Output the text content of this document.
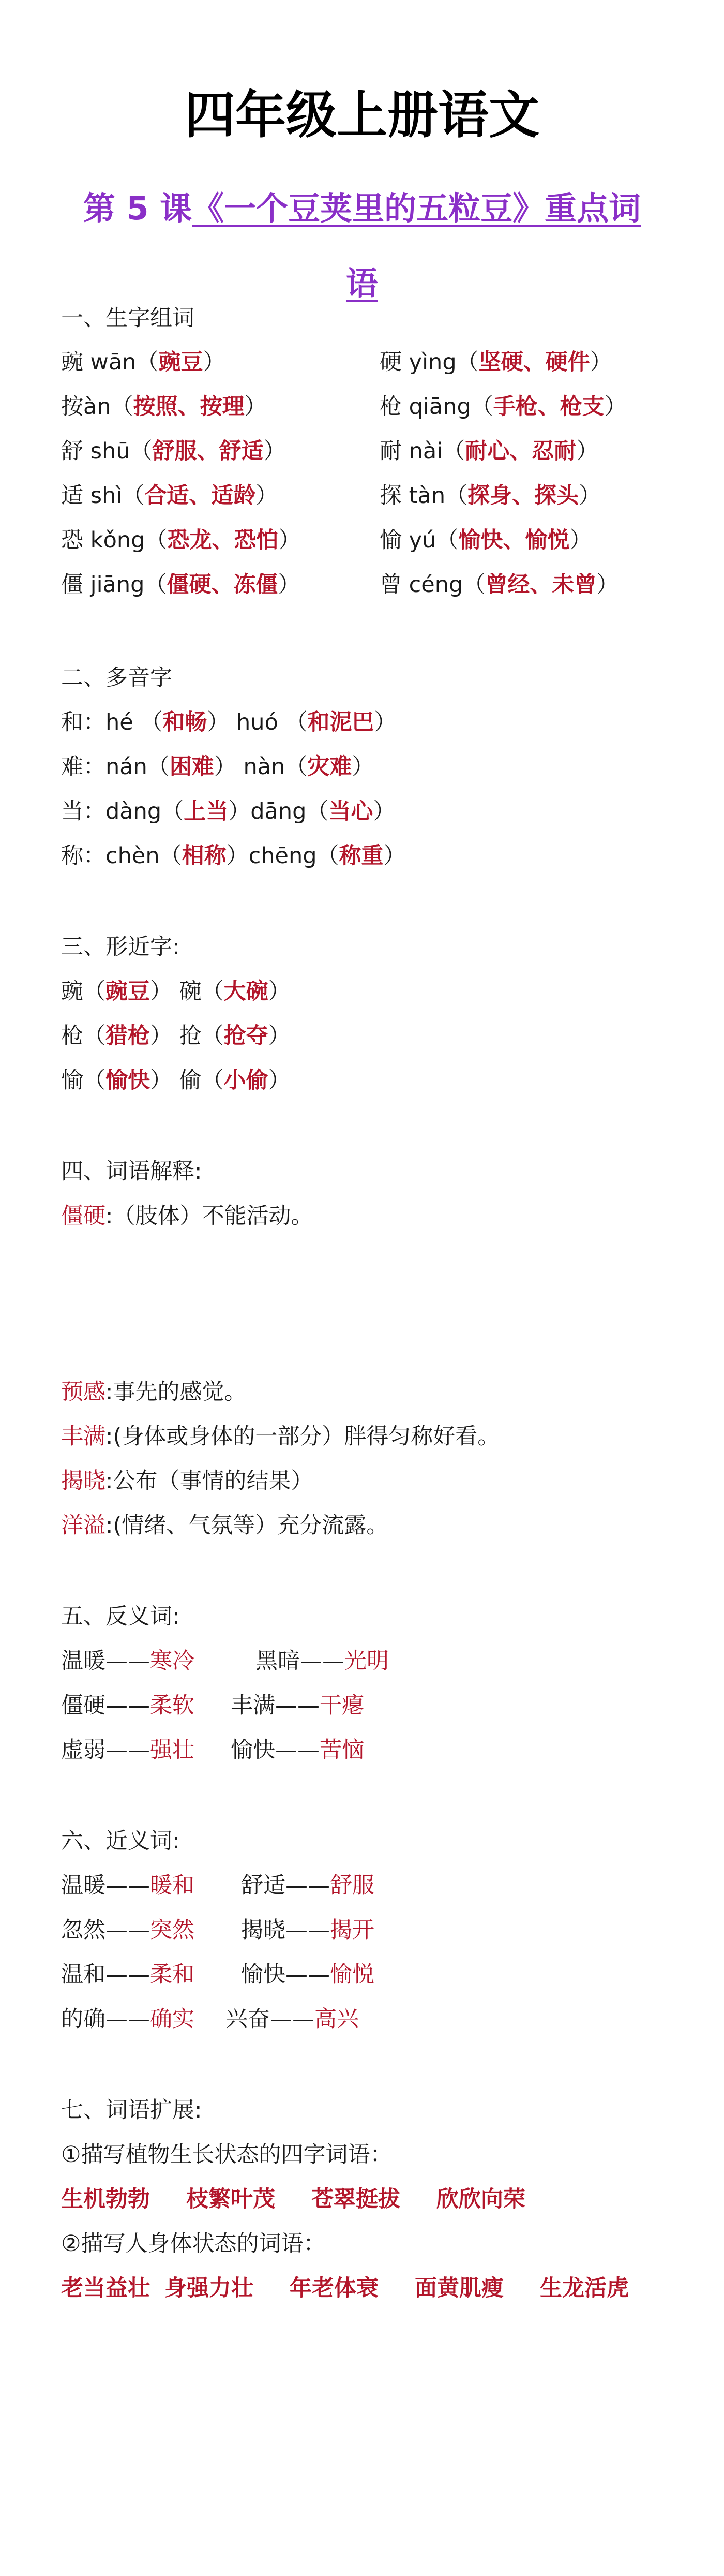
四年级上册语文
第 5 课《一个豆荚里的五粒豆》重点词
语
一、生字组词
豌 wān（豌豆）
按àn（按照、按理）
舒 shū（舒服、舒适）
适 shì（合适、适龄）
恐 kǒng（恐龙、恐怕）
僵 jiāng（僵硬、冻僵）
硬 yìng（坚硬、硬件）
枪 qiāng（手枪、枪支）
耐 nài（耐心、忍耐）
探 tàn（探身、探头）
愉 yú（愉快、愉悦）
曾 céng（曾经、未曾）
二、多音字
和：hé （和畅） huó （和泥巴）
难：nán（困难） nàn（灾难）
当：dàng（上当）dāng（当心）
称：chèn（相称）chēng（称重）
三、形近字:
豌（豌豆） 碗（大碗）
枪（猎枪） 抢（抢夺）
愉（愉快） 偷（小偷）
四、词语解释:
僵硬:（肢体）不能活动。
预感:事先的感觉。
丰满:(身体或身体的一部分）胖得匀称好看。
揭晓:公布（事情的结果）
洋溢:(情绪、气氛等）充分流露。
五、反义词:
温暖——寒冷	黑暗——光明
僵硬——柔软 丰满——干瘪
虚弱——强壮 愉快——苦恼
六、近义词:
温暖——暖和 舒适——舒服
忽然——突然 揭晓——揭开
温和——柔和 愉快——愉悦
的确——确实 兴奋——高兴
七、词语扩展:
①描写植物生长状态的四字词语：
生机勃勃 枝繁叶茂 苍翠挺拔 欣欣向荣
②描写人身体状态的词语：
老当益壮 身强力壮 年老体衰 面黄肌瘦 生龙活虎
